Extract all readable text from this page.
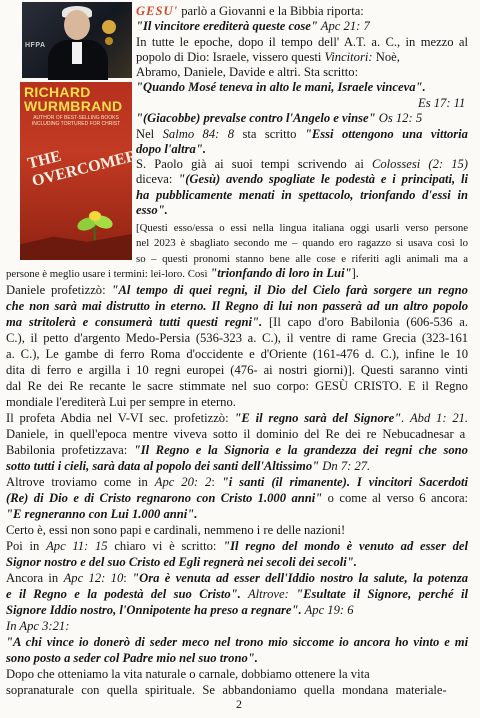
HFPA
RICHARD WURMBRAND
AUTHOR OF BEST-SELLING BOOKS INCLUDING TORTURED FOR CHRIST
THE OVERCOMERS
GESU' parlò a Giovanni e la Bibbia riporta:
"Il vincitore erediterà queste cose" Apc 21: 7
In tutte le epoche, dopo il tempo dell' A.T. a. C., in mezzo al
popolo di Dio: Israele, vissero questi Vincitori: Noè,
Abramo, Daniele, Davide e altri. Sta scritto:
"Quando Mosé teneva in alto le mani, Israele vinceva".
Es 17: 11
"(Giacobbe) prevalse contro l'Angelo e vinse" Os 12: 5
Nel Salmo 84: 8 sta scritto "Essi ottengono una vittoria
dopo l'altra".
S. Paolo già ai suoi tempi scrivendo ai Colossesi (2: 15)
diceva: "(Gesù) avendo spogliate le podestà e i principati, li
ha pubblicamente menati in spettacolo, trionfando d'essi in
esso".
[Questi esso/essa o essi nella lingua italiana oggi usarli verso persone
nel 2023 è sbagliato secondo me – quando ero ragazzo si usava così lo
so – questi pronomi stanno bene alle cose e riferiti agli animali ma a
persone è meglio usare i termini: lei-loro. Così "trionfando di loro in Lui"].
Daniele profetizzò: "Al tempo di quei regni, il Dio del Cielo farà sorgere un regno
che non sarà mai distrutto in eterno. Il Regno di lui non passerà ad un altro popolo
ma stritolerà e consumerà tutti questi regni". [Il capo d'oro Babilonia (606-536 a.
C.), il petto d'argento Medo-Persia (536-323 a. C.), il ventre di rame Grecia (323-161
a. C.), Le gambe di ferro Roma d'occidente e d'Oriente (161-476 d. C.), infine le 10
dita di ferro e argilla i 10 regni europei (476- ai nostri giorni)]. Questi saranno vinti
dal Re dei Re recante le sacre stimmate nel suo corpo: GESÙ CRISTO. E il Regno
mondiale l'erediterà Lui per sempre in eterno.
Il profeta Abdia nel V-VI sec. profetizzò: "E il regno sarà del Signore". Abd 1: 21.
Daniele, in quell'epoca mentre viveva sotto il dominio del Re dei re Nebucadnesar a
Babilonia profetizzava: "Il Regno e la Signoria e la grandezza dei regni che sono
sotto tutti i cieli, sarà data al popolo dei santi dell'Altissimo" Dn 7: 27.
Altrove troviamo come in Apc 20: 2: "i santi (il rimanente). I vincitori Sacerdoti
(Re) di Dio e di Cristo regnarono con Cristo 1.000 anni" o come al verso 6 ancora:
"E regneranno con Lui 1.000 anni".
Certo è, essi non sono papi e cardinali, nemmeno i re delle nazioni!
Poi in Apc 11: 15 chiaro vi è scritto: "Il regno del mondo è venuto ad esser del
Signor nostro e del suo Cristo ed Egli regnerà nei secoli dei secoli".
Ancora in Apc 12: 10: "Ora è venuta ad esser dell'Iddio nostro la salute, la potenza
e il Regno e la podestà del suo Cristo". Altrove: "Esultate il Signore, perché il
Signore Iddio nostro, l'Onnipotente ha preso a regnare". Apc 19: 6
In Apc 3:21:
"A chi vince io donerò di seder meco nel trono mio siccome io ancora ho vinto e mi
sono posto a seder col Padre mio nel suo trono".
Dopo che otteniamo la vita naturale o carnale, dobbiamo ottenere la vita
sopranaturale con quella spirituale. Se abbandoniamo quella mondana materiale-
2
